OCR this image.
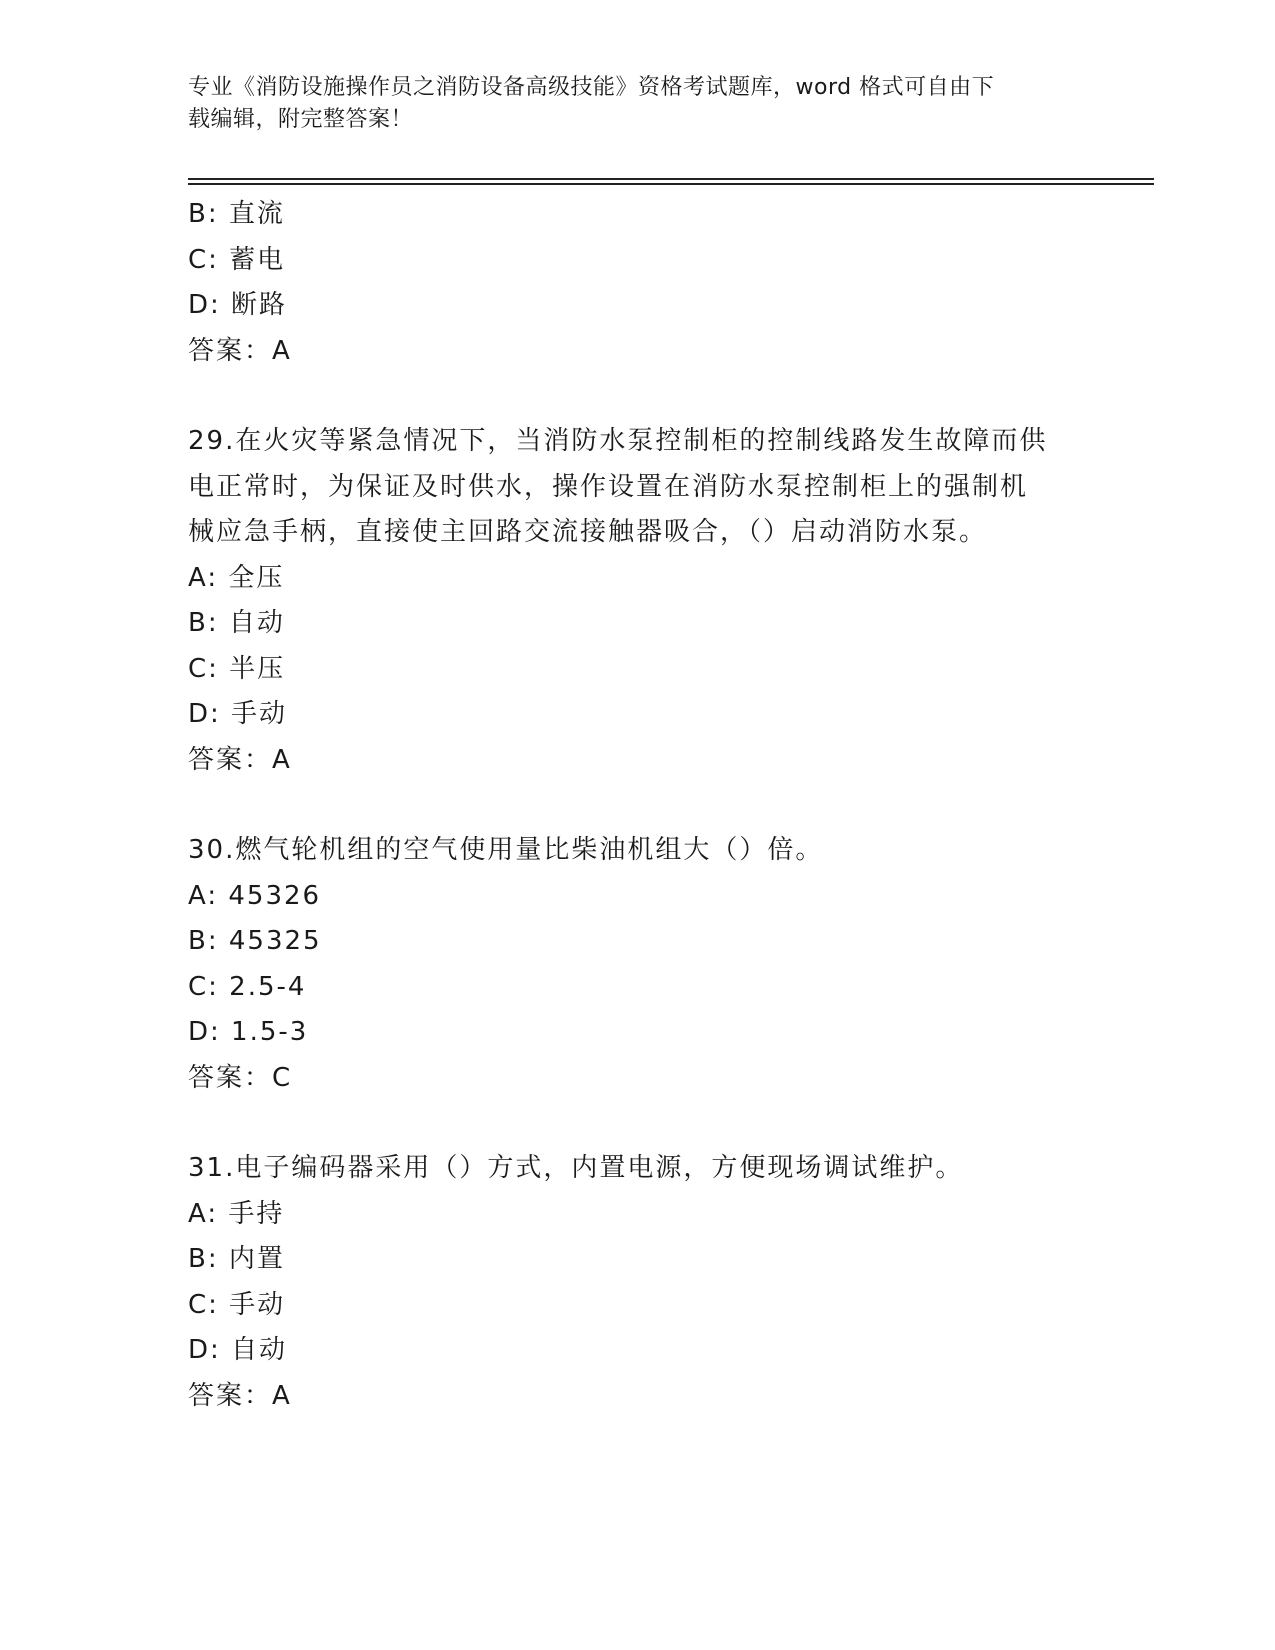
专业《消防设施操作员之消防设备高级技能》资格考试题库，word 格式可自由下
载编辑，附完整答案！
B: 直流
C: 蓄电
D: 断路
答案：A
29.在火灾等紧急情况下，当消防水泵控制柜的控制线路发生故障而供
电正常时，为保证及时供水，操作设置在消防水泵控制柜上的强制机
械应急手柄，直接使主回路交流接触器吸合，（）启动消防水泵。
A: 全压
B: 自动
C: 半压
D: 手动
答案：A
30.燃气轮机组的空气使用量比柴油机组大（）倍。
A: 45326
B: 45325
C: 2.5-4
D: 1.5-3
答案：C
31.电子编码器采用（）方式，内置电源，方便现场调试维护。
A: 手持
B: 内置
C: 手动
D: 自动
答案：A
